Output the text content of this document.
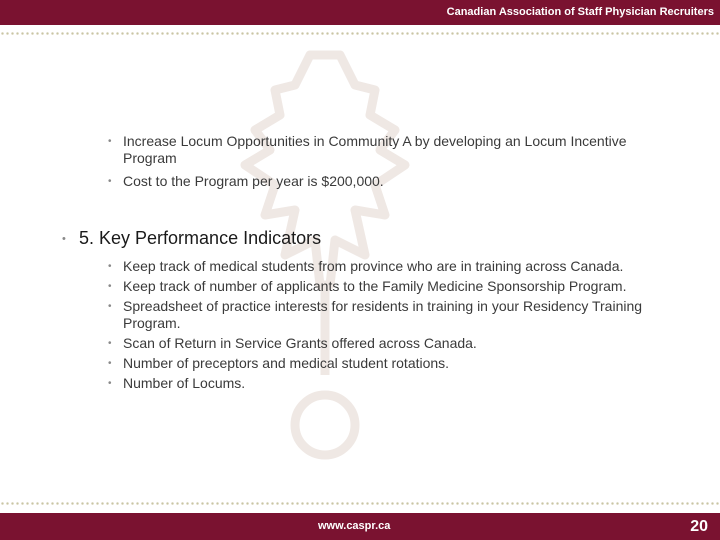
Canadian Association of Staff Physician Recruiters
• Increase Locum Opportunities in Community A by developing an Locum Incentive Program
• Cost to the Program per year is $200,000.
• 5. Key Performance Indicators
• Keep track of medical students from province who are in training across Canada.
• Keep track of number of applicants to the Family Medicine Sponsorship Program.
• Spreadsheet of practice interests for residents in training in your Residency Training Program.
• Scan of Return in Service Grants offered across Canada.
• Number of preceptors and medical student rotations.
• Number of Locums.
www.caspr.ca	20
